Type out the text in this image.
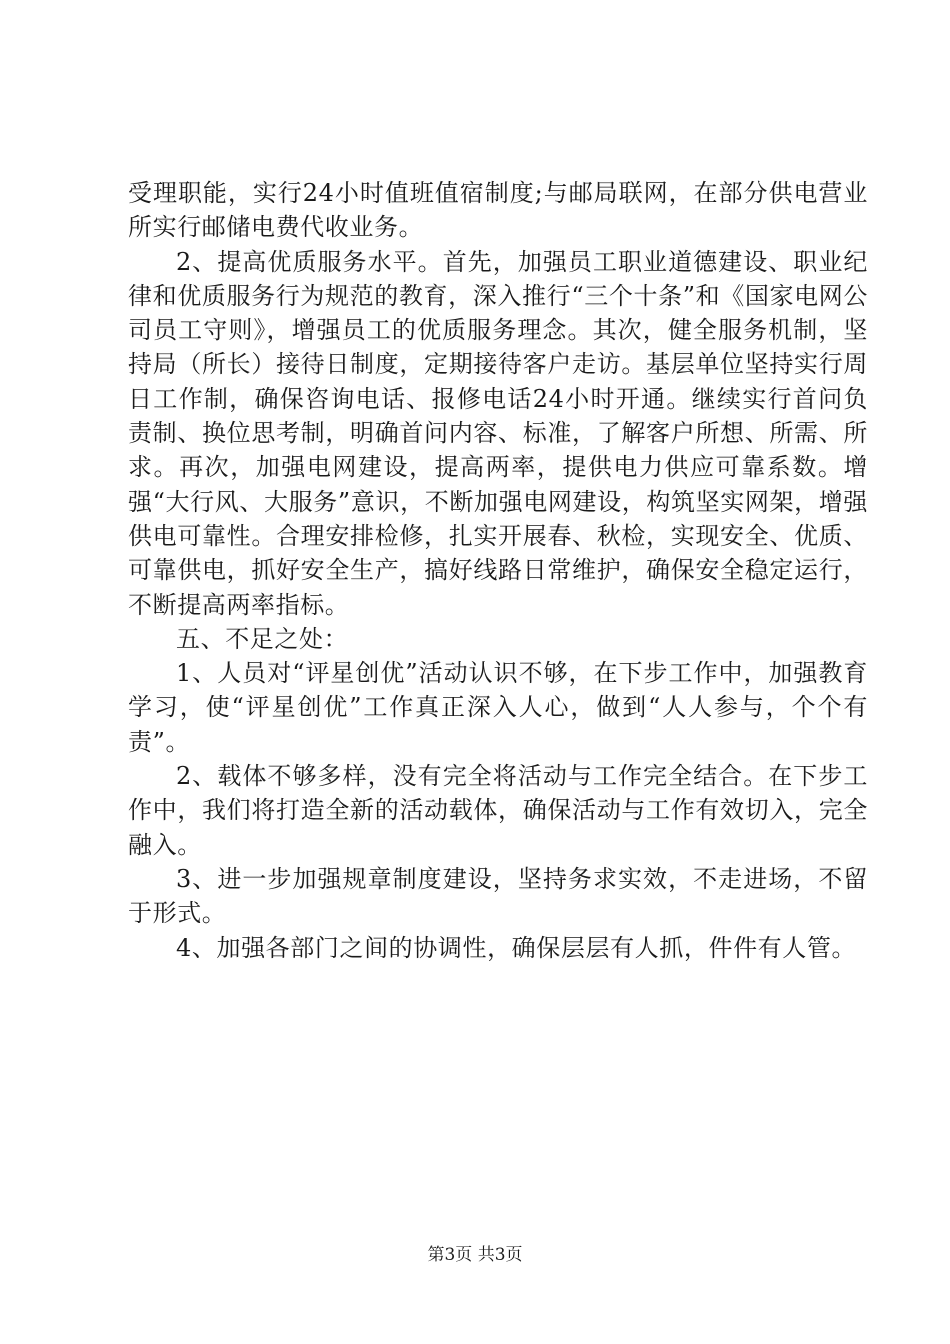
受理职能，实行24小时值班值宿制度;与邮局联网，在部分供电营业所实行邮储电费代收业务。

2、提高优质服务水平。首先，加强员工职业道德建设、职业纪律和优质服务行为规范的教育，深入推行“三个十条”和《国家电网公司员工守则》，增强员工的优质服务理念。其次，健全服务机制，坚持局（所长）接待日制度，定期接待客户走访。基层单位坚持实行周日工作制，确保咨询电话、报修电话24小时开通。继续实行首问负责制、换位思考制，明确首问内容、标准，了解客户所想、所需、所求。再次，加强电网建设，提高两率，提供电力供应可靠系数。增强“大行风、大服务”意识，不断加强电网建设，构筑坚实网架，增强供电可靠性。合理安排检修，扎实开展春、秋检，实现安全、优质、可靠供电，抓好安全生产，搞好线路日常维护，确保安全稳定运行，不断提高两率指标。

五、不足之处：

1、人员对“评星创优”活动认识不够，在下步工作中，加强教育学习，使“评星创优”工作真正深入人心，做到“人人参与，个个有责”。

2、载体不够多样，没有完全将活动与工作完全结合。在下步工作中，我们将打造全新的活动载体，确保活动与工作有效切入，完全融入。

3、进一步加强规章制度建设，坚持务求实效，不走进场，不留于形式。

4、加强各部门之间的协调性，确保层层有人抓，件件有人管。

第3页 共3页
